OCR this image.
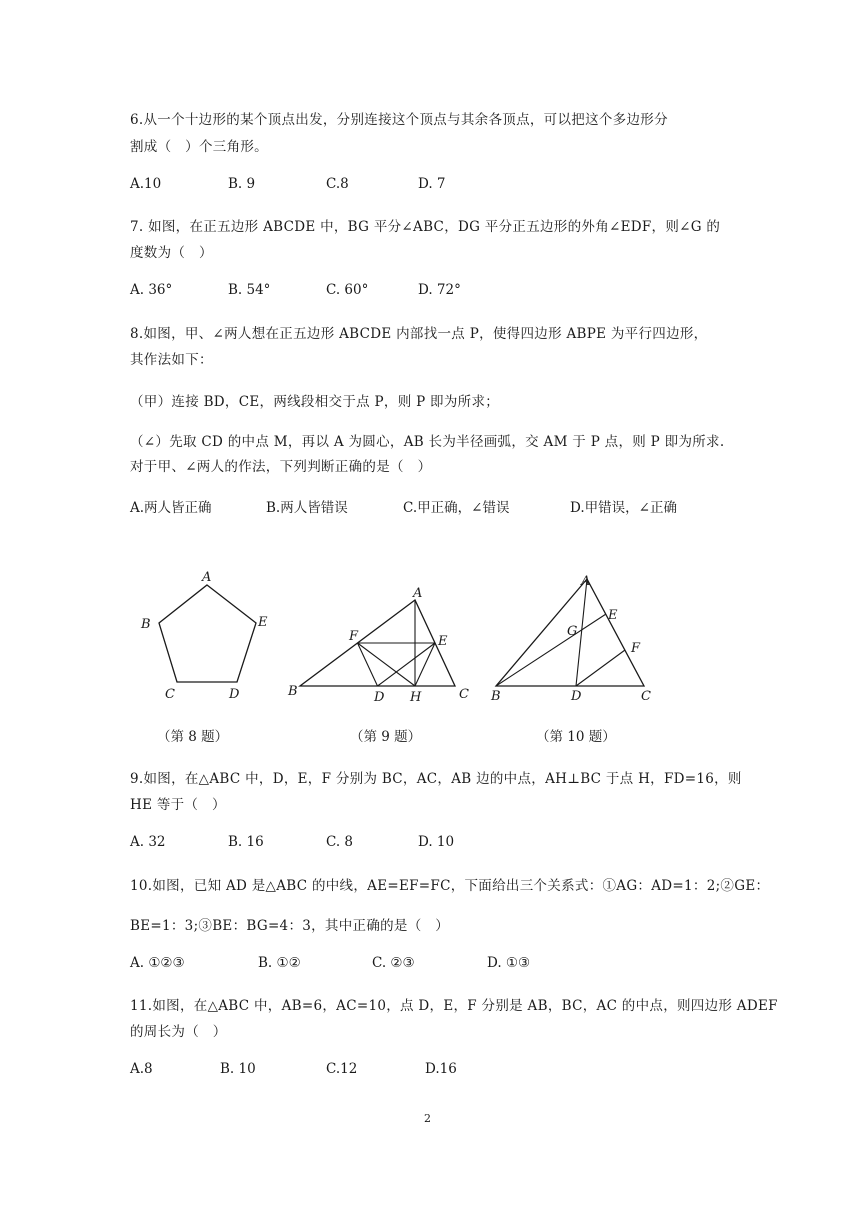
6.从一个十边形的某个顶点出发，分别连接这个顶点与其余各顶点，可以把这个多边形分
割成（   ）个三角形。
A.10	B. 9	C.8	D. 7
7. 如图，在正五边形 ABCDE 中，BG 平分∠ABC，DG 平分正五边形的外角∠EDF，则∠G 的
度数为（   ）
A. 36°	B. 54°	C. 60°	D. 72°
8.如图，甲、∠两人想在正五边形 ABCDE 内部找一点 P，使得四边形 ABPE 为平行四边形，
其作法如下：
（甲）连接 BD，CE，两线段相交于点 P，则 P 即为所求；
（∠）先取 CD 的中点 M，再以 A 为圆心，AB 长为半径画弧，交 AM 于 P 点，则 P 即为所求.
对于甲、∠两人的作法，下列判断正确的是（   ）
A.两人皆正确	B.两人皆错误	C.甲正确，∠错误	D.甲错误，∠正确
A
B
C	D
E
A
B	C
D
E
F
H
A
B	C
D
E
F
G
（第 8 题）	（第 9 题）	（第 10 题）
9.如图，在△ABC 中，D，E，F 分别为 BC，AC，AB 边的中点，AH⊥BC 于点 H，FD=16，则
HE 等于（   ）
A. 32	B. 16	C. 8	D. 10
10.如图，已知 AD 是△ABC 的中线，AE=EF=FC，下面给出三个关系式：①AG：AD=1：2;②GE：
BE=1：3;③BE：BG=4：3，其中正确的是（   ）
A. ①②③	B. ①②	C. ②③	D. ①③
11.如图，在△ABC 中，AB=6，AC=10，点 D，E，F 分别是 AB，BC，AC 的中点，则四边形 ADEF
的周长为（   ）
A.8	B. 10	C.12	D.16
2
